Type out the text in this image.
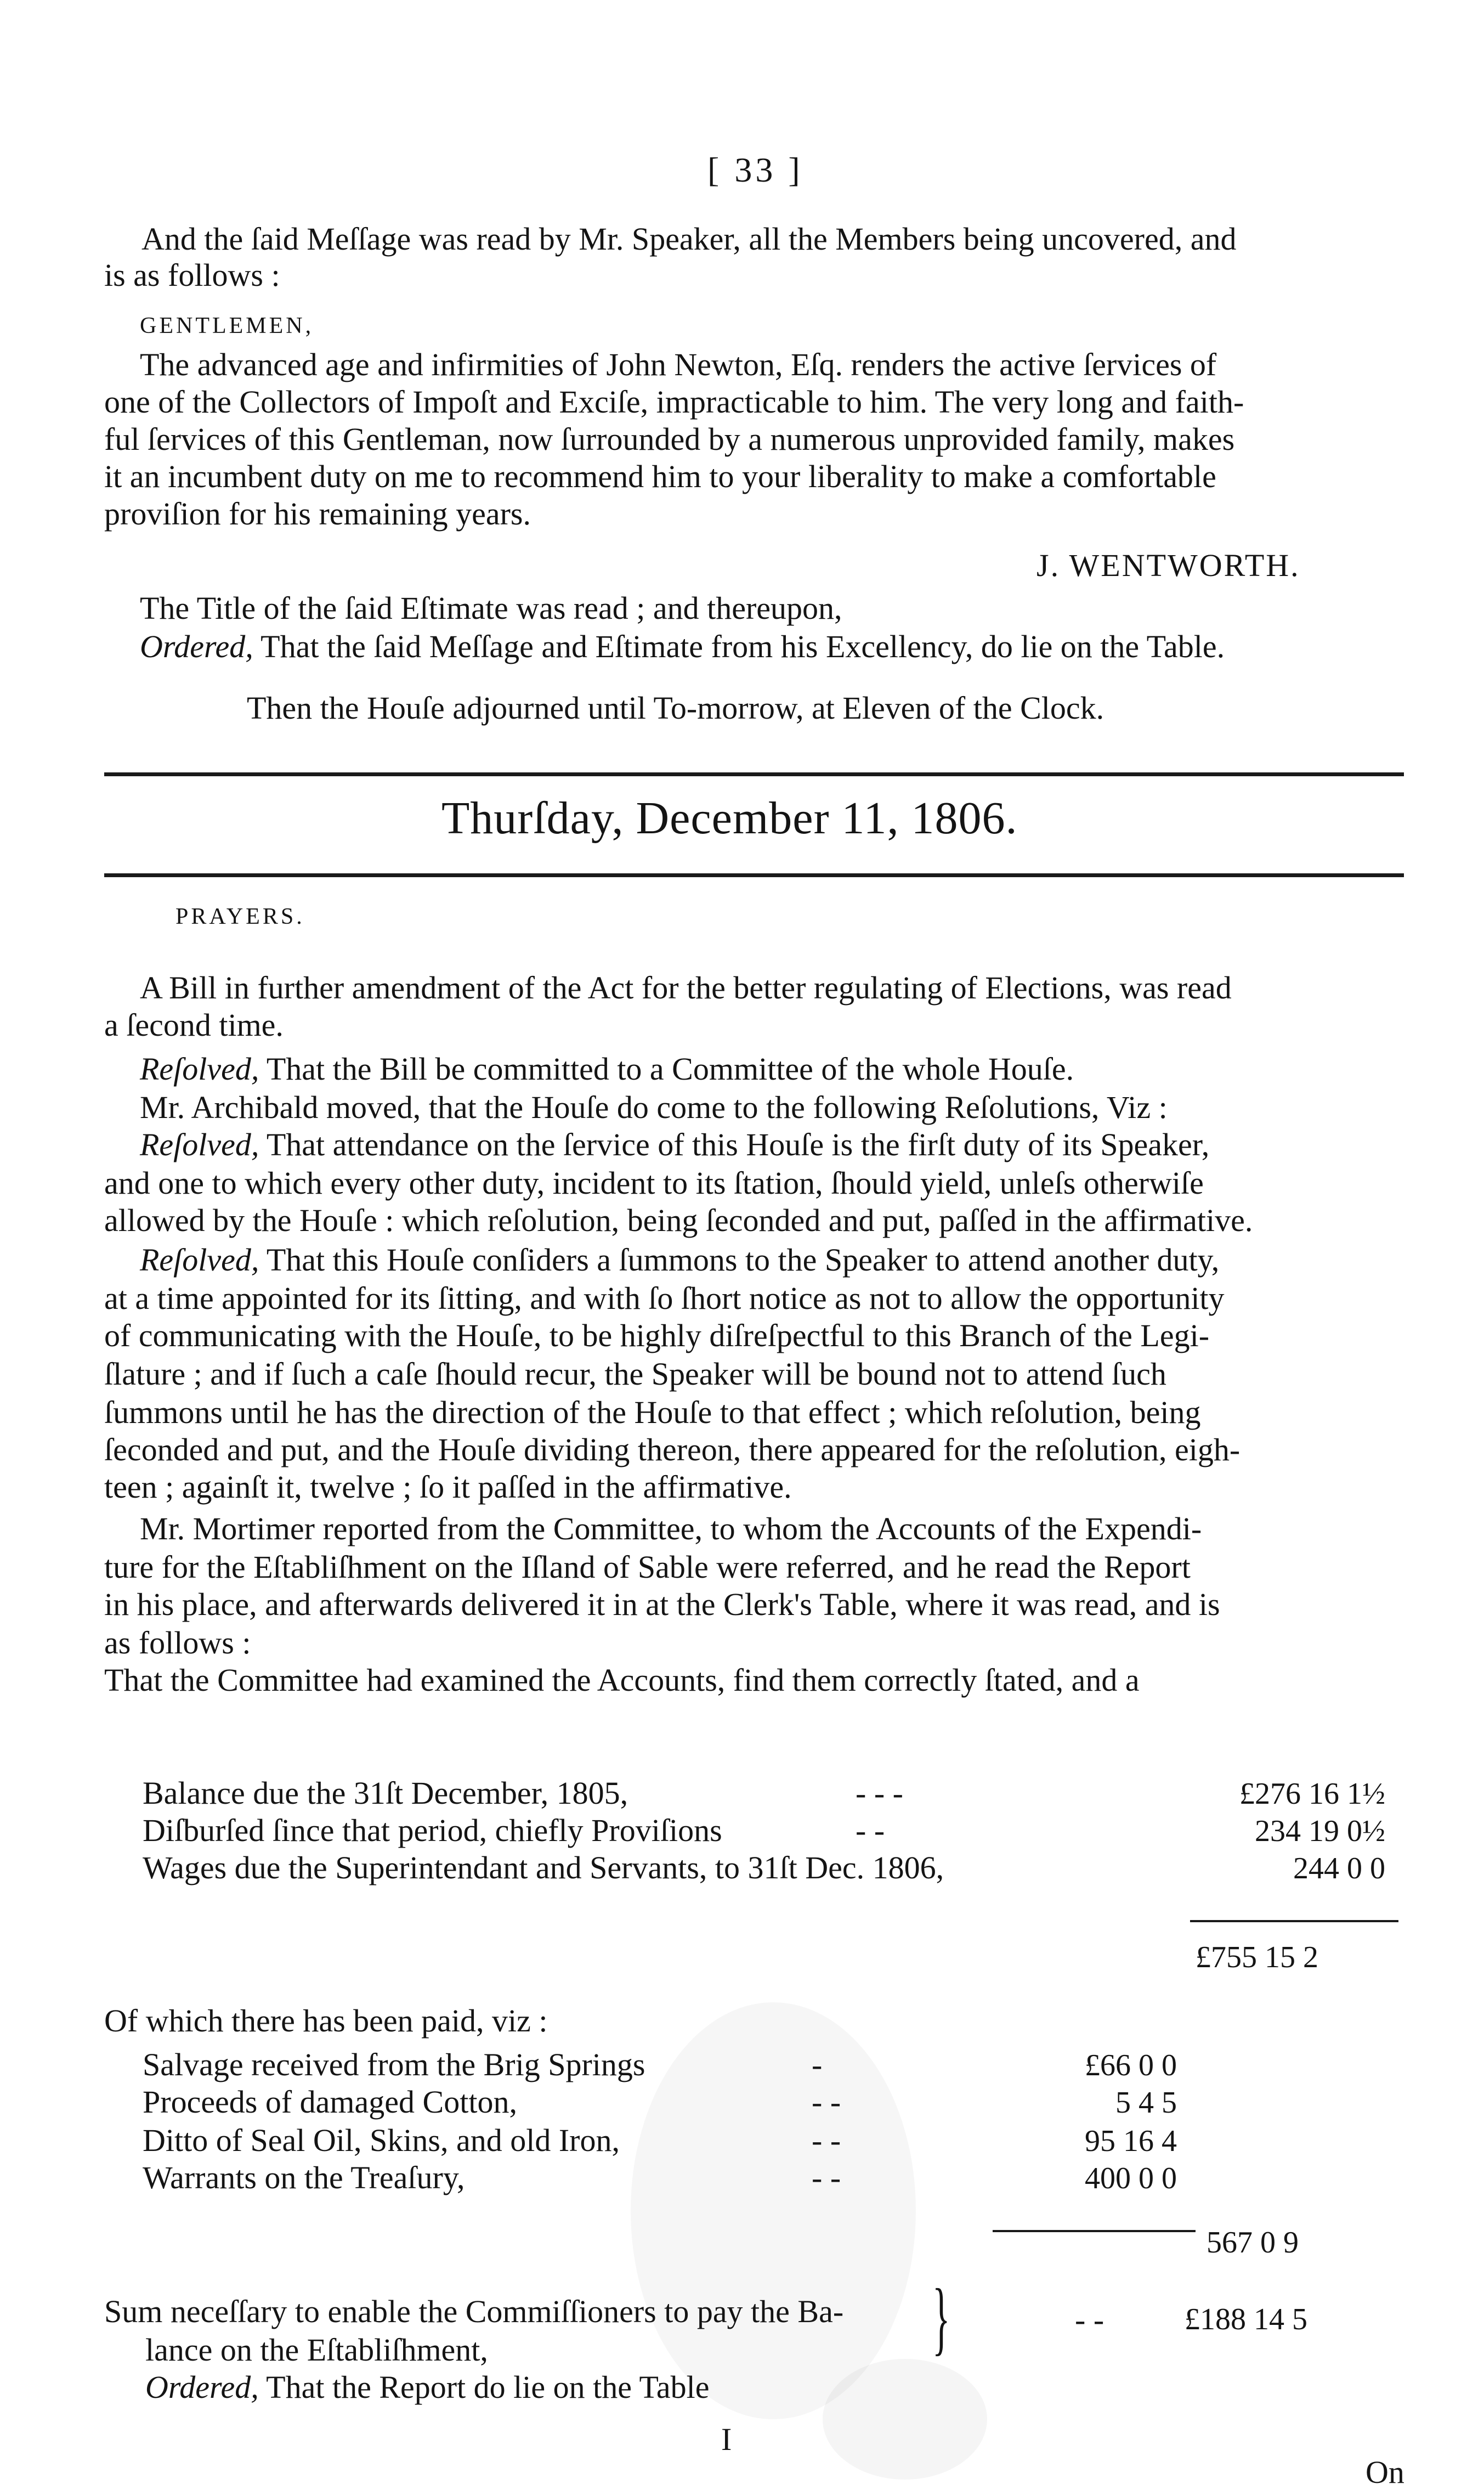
[ 33 ]
And the ſaid Meſſage was read by Mr. Speaker, all the Members being uncovered, and
is as follows :
GENTLEMEN,
The advanced age and infirmities of John Newton, Eſq. renders the active ſervices of
one of the Collectors of Impoſt and Exciſe, impracticable to him. The very long and faith-
ful ſervices of this Gentleman, now ſurrounded by a numerous unprovided family, makes
it an incumbent duty on me to recommend him to your liberality to make a comfortable
proviſion for his remaining years.
J. WENTWORTH.
The Title of the ſaid Eſtimate was read ; and thereupon,
Ordered, That the ſaid Meſſage and Eſtimate from his Excellency, do lie on the Table.
Then the Houſe adjourned until To-morrow, at Eleven of the Clock.
Thurſday, December 11, 1806.
PRAYERS.
A Bill in further amendment of the Act for the better regulating of Elections, was read
a ſecond time.
Reſolved, That the Bill be committed to a Committee of the whole Houſe.
Mr. Archibald moved, that the Houſe do come to the following Reſolutions, Viz :
Reſolved, That attendance on the ſervice of this Houſe is the firſt duty of its Speaker,
and one to which every other duty, incident to its ſtation, ſhould yield, unleſs otherwiſe
allowed by the Houſe : which reſolution, being ſeconded and put, paſſed in the affirmative.
Reſolved, That this Houſe conſiders a ſummons to the Speaker to attend another duty,
at a time appointed for its ſitting, and with ſo ſhort notice as not to allow the opportunity
of communicating with the Houſe, to be highly diſreſpectful to this Branch of the Legi-
ſlature ; and if ſuch a caſe ſhould recur, the Speaker will be bound not to attend ſuch
ſummons until he has the direction of the Houſe to that effect ; which reſolution, being
ſeconded and put, and the Houſe dividing thereon, there appeared for the reſolution, eigh-
teen ; againſt it, twelve ; ſo it paſſed in the affirmative.
Mr. Mortimer reported from the Committee, to whom the Accounts of the Expendi-
ture for the Eſtabliſhment on the Iſland of Sable were referred, and he read the Report
in his place, and afterwards delivered it in at the Clerk's Table, where it was read, and is
as follows :
That the Committee had examined the Accounts, find them correctly ſtated, and a
Balance due the 31ſt December, 1805,	- - -	£276 16 1½
Diſburſed ſince that period, chiefly Proviſions	- -	234 19 0½
Wages due the Superintendant and Servants, to 31ſt Dec. 1806,	244 0 0
£755 15 2
Of which there has been paid, viz :
Salvage received from the Brig Springs	-	£66 0 0
Proceeds of damaged Cotton,	- -	5 4 5
Ditto of Seal Oil, Skins, and old Iron,	- -	95 16 4
Warrants on the Treaſury,	- -	400 0 0
567 0 9
Sum neceſſary to enable the Commiſſioners to pay the Ba-
lance on the Eſtabliſhment,	}	- -	£188 14 5
Ordered, That the Report do lie on the Table
I
On
